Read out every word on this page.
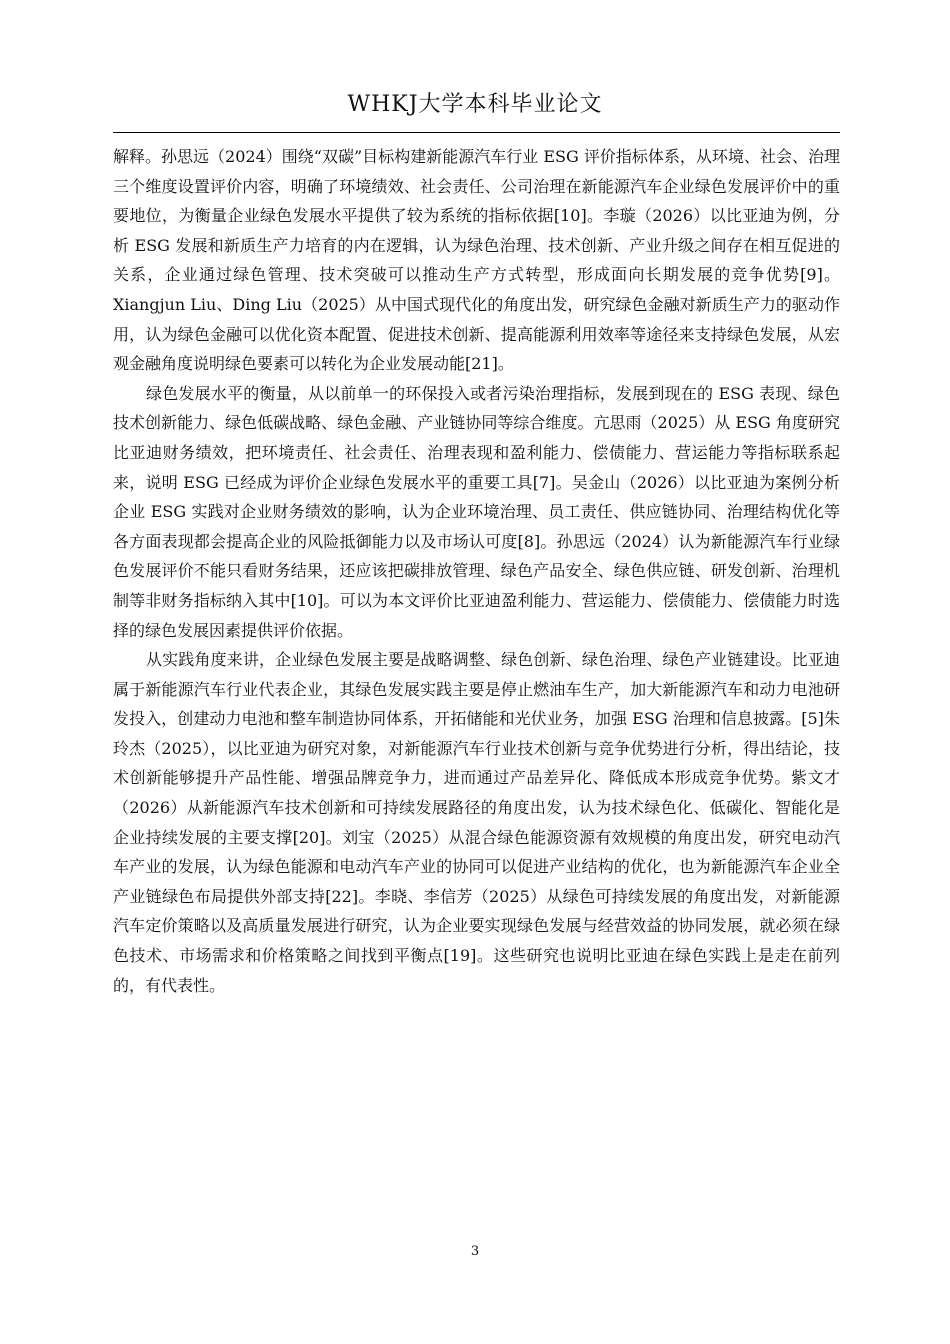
WHKJ大学本科毕业论文

解释。孙思远（2024）围绕“双碳”目标构建新能源汽车行业 ESG 评价指标体系，从环境、社会、治理三个维度设置评价内容，明确了环境绩效、社会责任、公司治理在新能源汽车企业绿色发展评价中的重要地位，为衡量企业绿色发展水平提供了较为系统的指标依据[10]。李璇（2026）以比亚迪为例，分析 ESG 发展和新质生产力培育的内在逻辑，认为绿色治理、技术创新、产业升级之间存在相互促进的关系，企业通过绿色管理、技术突破可以推动生产方式转型，形成面向长期发展的竞争优势[9]。Xiangjun Liu、Ding Liu（2025）从中国式现代化的角度出发，研究绿色金融对新质生产力的驱动作用，认为绿色金融可以优化资本配置、促进技术创新、提高能源利用效率等途径来支持绿色发展，从宏观金融角度说明绿色要素可以转化为企业发展动能[21]。

绿色发展水平的衡量，从以前单一的环保投入或者污染治理指标，发展到现在的 ESG 表现、绿色技术创新能力、绿色低碳战略、绿色金融、产业链协同等综合维度。亢思雨（2025）从 ESG 角度研究比亚迪财务绩效，把环境责任、社会责任、治理表现和盈利能力、偿债能力、营运能力等指标联系起来，说明 ESG 已经成为评价企业绿色发展水平的重要工具[7]。吴金山（2026）以比亚迪为案例分析企业 ESG 实践对企业财务绩效的影响，认为企业环境治理、员工责任、供应链协同、治理结构优化等各方面表现都会提高企业的风险抵御能力以及市场认可度[8]。孙思远（2024）认为新能源汽车行业绿色发展评价不能只看财务结果，还应该把碳排放管理、绿色产品安全、绿色供应链、研发创新、治理机制等非财务指标纳入其中[10]。可以为本文评价比亚迪盈利能力、营运能力、偿债能力、偿债能力时选择的绿色发展因素提供评价依据。

从实践角度来讲，企业绿色发展主要是战略调整、绿色创新、绿色治理、绿色产业链建设。比亚迪属于新能源汽车行业代表企业，其绿色发展实践主要是停止燃油车生产，加大新能源汽车和动力电池研发投入，创建动力电池和整车制造协同体系，开拓储能和光伏业务，加强 ESG 治理和信息披露。[5]朱玲杰（2025），以比亚迪为研究对象，对新能源汽车行业技术创新与竞争优势进行分析，得出结论，技术创新能够提升产品性能、增强品牌竞争力，进而通过产品差异化、降低成本形成竞争优势。紫文才（2026）从新能源汽车技术创新和可持续发展路径的角度出发，认为技术绿色化、低碳化、智能化是企业持续发展的主要支撑[20]。刘宝（2025）从混合绿色能源资源有效规模的角度出发，研究电动汽车产业的发展，认为绿色能源和电动汽车产业的协同可以促进产业结构的优化，也为新能源汽车企业全产业链绿色布局提供外部支持[22]。李晓、李信芳（2025）从绿色可持续发展的角度出发，对新能源汽车定价策略以及高质量发展进行研究，认为企业要实现绿色发展与经营效益的协同发展，就必须在绿色技术、市场需求和价格策略之间找到平衡点[19]。这些研究也说明比亚迪在绿色实践上是走在前列的，有代表性。

3
